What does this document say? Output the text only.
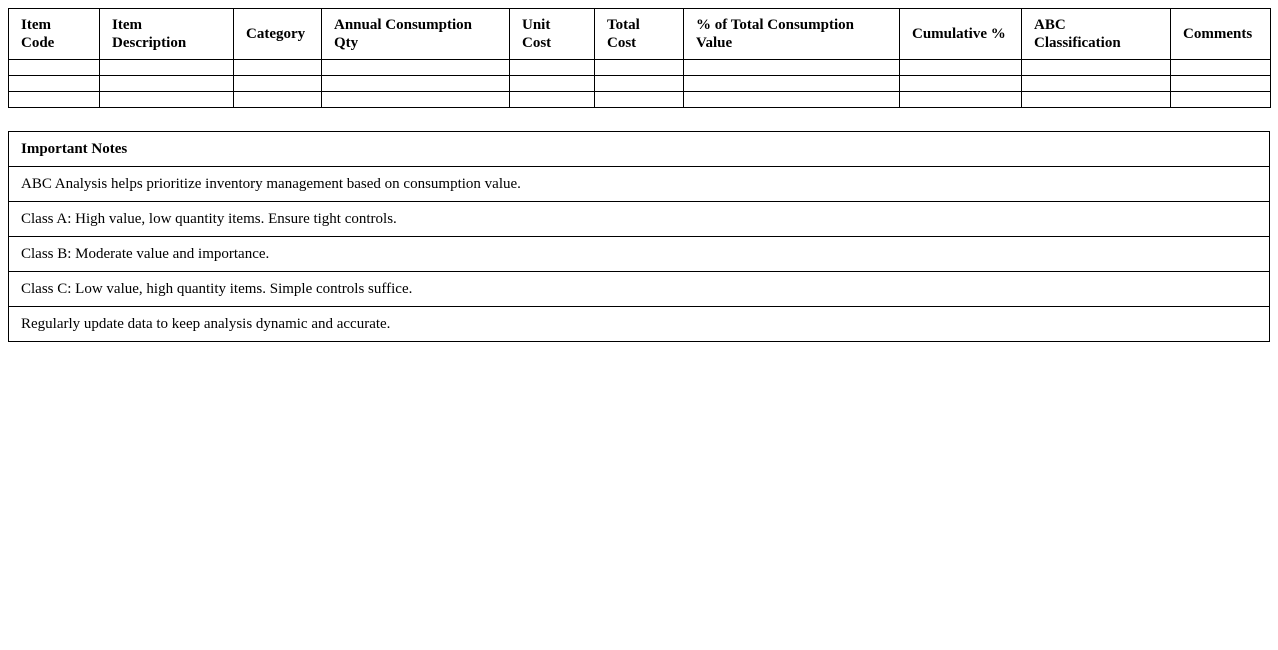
Item Code	Item Description	Category	Annual Consumption Qty	Unit Cost	Total Cost	% of Total Consumption Value	Cumulative %	ABC Classification	Comments

Important Notes
ABC Analysis helps prioritize inventory management based on consumption value.
Class A: High value, low quantity items. Ensure tight controls.
Class B: Moderate value and importance.
Class C: Low value, high quantity items. Simple controls suffice.
Regularly update data to keep analysis dynamic and accurate.
